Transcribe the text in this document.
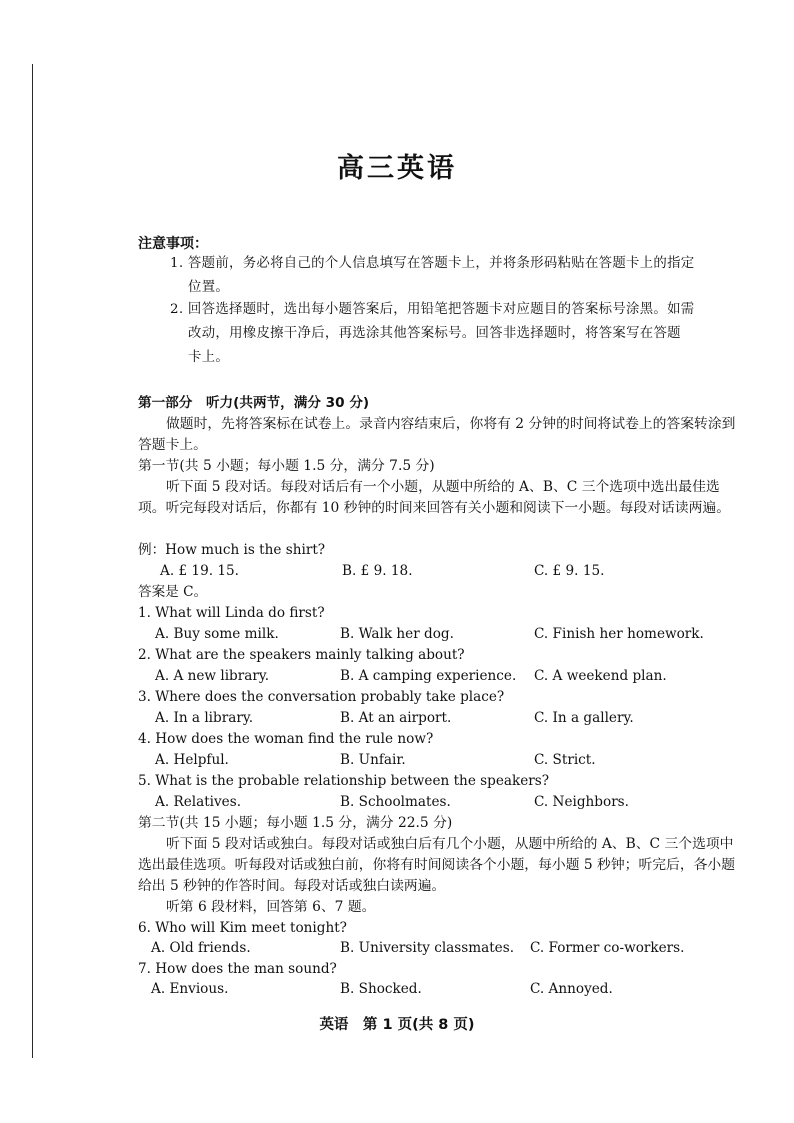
高三英语
注意事项：
1. 答题前，务必将自己的个人信息填写在答题卡上，并将条形码粘贴在答题卡上的指定
位置。
2. 回答选择题时，选出每小题答案后，用铅笔把答题卡对应题目的答案标号涂黑。如需
改动，用橡皮擦干净后，再选涂其他答案标号。回答非选择题时，将答案写在答题
卡上。
第一部分　听力(共两节，满分 30 分)
做题时，先将答案标在试卷上。录音内容结束后，你将有 2 分钟的时间将试卷上的答案转涂到答题卡上。
第一节(共 5 小题；每小题 1.5 分，满分 7.5 分)
听下面 5 段对话。每段对话后有一个小题，从题中所给的 A、B、C 三个选项中选出最佳选项。听完每段对话后，你都有 10 秒钟的时间来回答有关小题和阅读下一小题。每段对话读两遍。
例：How much is the shirt?
A. £ 19. 15.	B. £ 9. 18.	C. £ 9. 15.
答案是 C。
1. What will Linda do first?
A. Buy some milk.	B. Walk her dog.	C. Finish her homework.
2. What are the speakers mainly talking about?
A. A new library.	B. A camping experience. C. A weekend plan.
3. Where does the conversation probably take place?
A. In a library.	B. At an airport.	C. In a gallery.
4. How does the woman find the rule now?
A. Helpful.	B. Unfair.	C. Strict.
5. What is the probable relationship between the speakers?
A. Relatives.	B. Schoolmates.	C. Neighbors.
第二节(共 15 小题；每小题 1.5 分，满分 22.5 分)
听下面 5 段对话或独白。每段对话或独白后有几个小题，从题中所给的 A、B、C 三个选项中选出最佳选项。听每段对话或独白前，你将有时间阅读各个小题，每小题 5 秒钟；听完后，各小题给出 5 秒钟的作答时间。每段对话或独白读两遍。
听第 6 段材料，回答第 6、7 题。
6. Who will Kim meet tonight?
A. Old friends.	B. University classmates. C. Former co-workers.
7. How does the man sound?
A. Envious.	B. Shocked.	C. Annoyed.
英语　第 1 页(共 8 页)
